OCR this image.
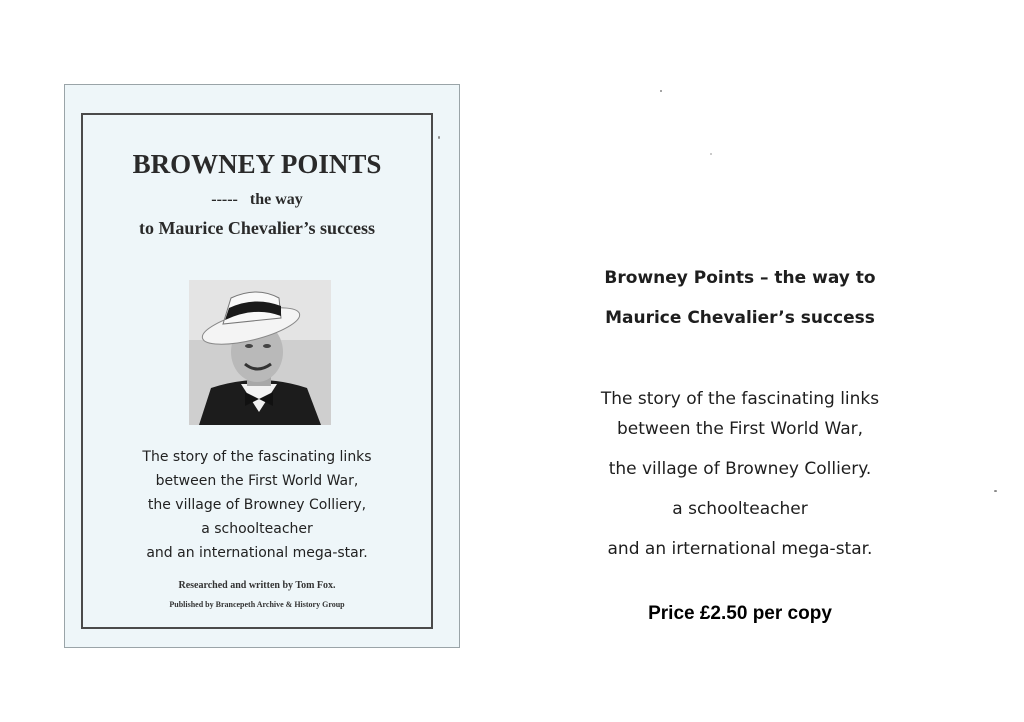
BROWNEY POINTS
-----   the way
to Maurice Chevalier’s success
The story of the fascinating links
between the First World War,
the village of Browney Colliery,
a schoolteacher
and an international mega-star.
Researched and written by Tom Fox.
Published by Brancepeth Archive & History Group
Browney Points – the way to
Maurice Chevalier’s success
The story of the fascinating links
between the First World War,
the village of Browney Colliery.
a schoolteacher
and an irternational mega-star.
Price £2.50 per copy
